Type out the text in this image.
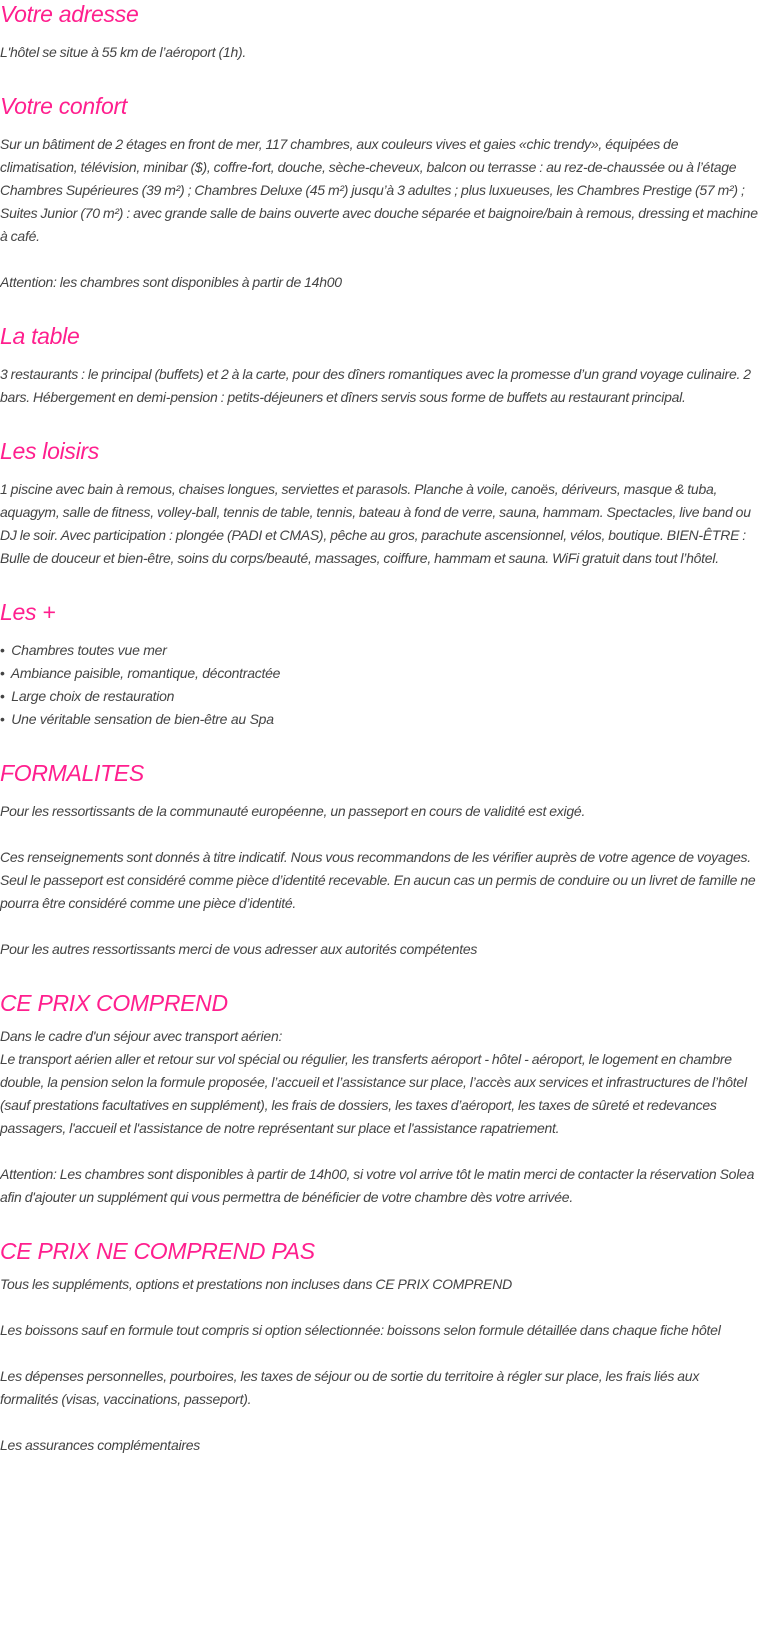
Votre adresse

L'hôtel se situe à 55 km de l’aéroport (1h).

Votre confort

Sur un bâtiment de 2 étages en front de mer, 117 chambres, aux couleurs vives et gaies «chic trendy», équipées de climatisation, télévision, minibar ($), coffre-fort, douche, sèche-cheveux, balcon ou terrasse : au rez-de-chaussée ou à l’étage Chambres Supérieures (39 m²) ; Chambres Deluxe (45 m²) jusqu’à 3 adultes ; plus luxueuses, les Chambres Prestige (57 m²) ; Suites Junior (70 m²) : avec grande salle de bains ouverte avec douche séparée et baignoire/bain à remous, dressing et machine à café.

Attention: les chambres sont disponibles à partir de 14h00

La table

3 restaurants : le principal (buffets) et 2 à la carte, pour des dîners romantiques avec la promesse d’un grand voyage culinaire. 2 bars. Hébergement en demi-pension : petits-déjeuners et dîners servis sous forme de buffets au restaurant principal.

Les loisirs

1 piscine avec bain à remous, chaises longues, serviettes et parasols. Planche à voile, canoës, dériveurs, masque & tuba, aquagym, salle de fitness, volley-ball, tennis de table, tennis, bateau à fond de verre, sauna, hammam. Spectacles, live band ou DJ le soir. Avec participation : plongée (PADI et CMAS), pêche au gros, parachute ascensionnel, vélos, boutique. BIEN-ÊTRE : Bulle de douceur et bien-être, soins du corps/beauté, massages, coiffure, hammam et sauna. WiFi gratuit dans tout l’hôtel.

Les +
• Chambres toutes vue mer
• Ambiance paisible, romantique, décontractée
• Large choix de restauration
• Une véritable sensation de bien-être au Spa
FORMALITES

Pour les ressortissants de la communauté européenne, un passeport en cours de validité est exigé.

Ces renseignements sont donnés à titre indicatif. Nous vous recommandons de les vérifier auprès de votre agence de voyages. Seul le passeport est considéré comme pièce d’identité recevable. En aucun cas un permis de conduire ou un livret de famille ne pourra être considéré comme une pièce d’identité.

Pour les autres ressortissants merci de vous adresser aux autorités compétentes

CE PRIX COMPREND

Dans le cadre d'un séjour avec transport aérien:

Le transport aérien aller et retour sur vol spécial ou régulier, les transferts aéroport - hôtel - aéroport, le logement en chambre double, la pension selon la formule proposée, l’accueil et l’assistance sur place, l’accès aux services et infrastructures de l’hôtel (sauf prestations facultatives en supplément), les frais de dossiers, les taxes d’aéroport, les taxes de sûreté et redevances passagers, l'accueil et l'assistance de notre représentant sur place et l'assistance rapatriement.

Attention: Les chambres sont disponibles à partir de 14h00, si votre vol arrive tôt le matin merci de contacter la réservation Solea afin d'ajouter un supplément qui vous permettra de bénéficier de votre chambre dès votre arrivée.

CE PRIX NE COMPREND PAS

Tous les suppléments, options et prestations non incluses dans CE PRIX COMPREND

Les boissons sauf en formule tout compris si option sélectionnée: boissons selon formule détaillée dans chaque fiche hôtel

Les dépenses personnelles, pourboires, les taxes de séjour ou de sortie du territoire à régler sur place, les frais liés aux formalités (visas, vaccinations, passeport).

Les assurances complémentaires
